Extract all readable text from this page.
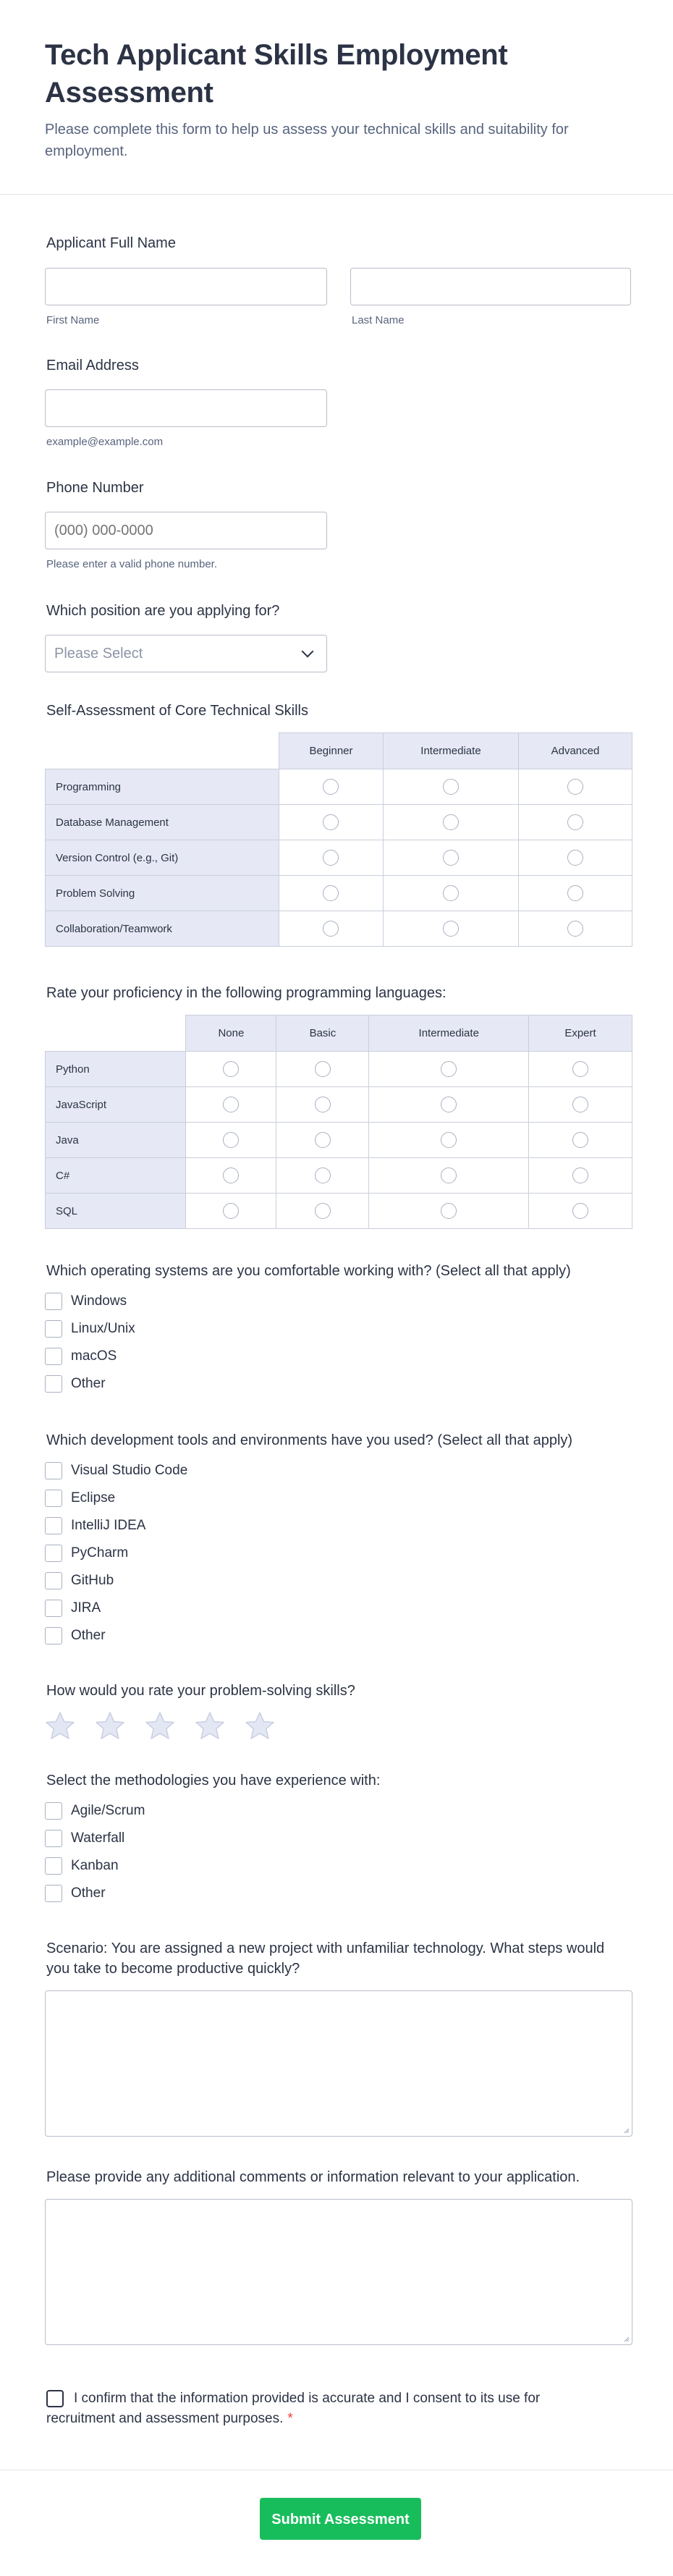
Tech Applicant Skills Employment Assessment

Please complete this form to help us assess your technical skills and suitability for employment.

Applicant Full Name
First Name	Last Name
Email Address
example@example.com
Phone Number
(000) 000-0000
Please enter a valid phone number.
Which position are you applying for?
Please Select
Self-Assessment of Core Technical Skills
	Beginner	Intermediate	Advanced
Programming			
Database Management			
Version Control (e.g., Git)			
Problem Solving			
Collaboration/Teamwork			
Rate your proficiency in the following programming languages:
	None	Basic	Intermediate	Expert
Python				
JavaScript				
Java				
C#				
SQL				
Which operating systems are you comfortable working with? (Select all that apply)
Windows
Linux/Unix
macOS
Other
Which development tools and environments have you used? (Select all that apply)
Visual Studio Code
Eclipse
IntelliJ IDEA
PyCharm
GitHub
JIRA
Other
How would you rate your problem-solving skills?
Select the methodologies you have experience with:
Agile/Scrum
Waterfall
Kanban
Other
Scenario: You are assigned a new project with unfamiliar technology. What steps would you take to become productive quickly?
Please provide any additional comments or information relevant to your application.
I confirm that the information provided is accurate and I consent to its use for recruitment and assessment purposes. *
Submit Assessment
